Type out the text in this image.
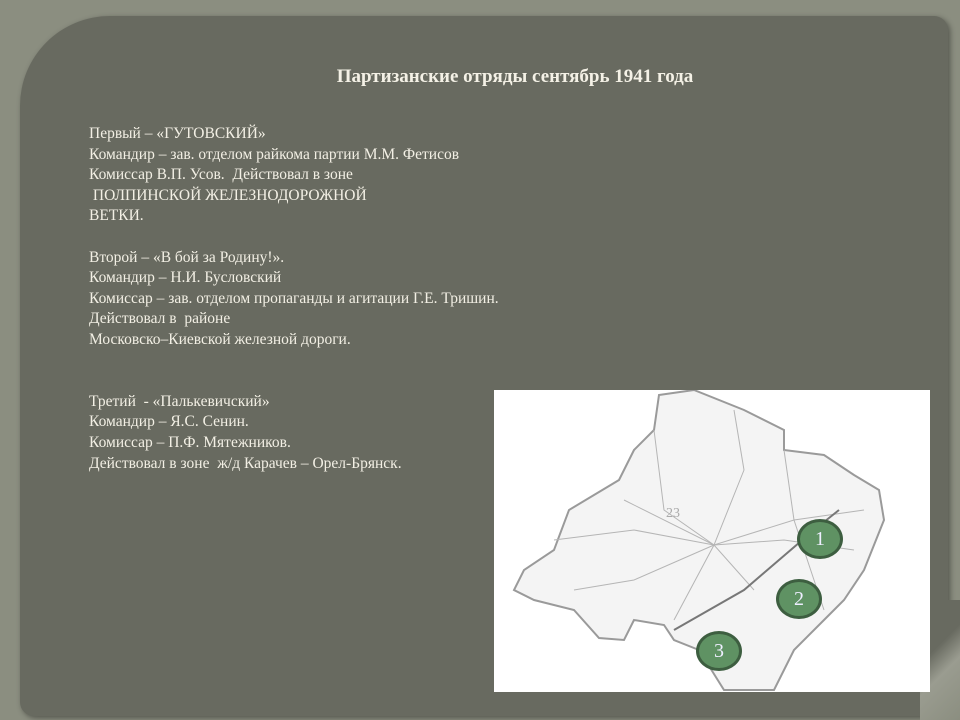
Партизанские отряды сентябрь 1941 года
Первый – «ГУТОВСКИЙ»
Командир – зав. отделом райкома партии М.М. Фетисов
Комиссар В.П. Усов.  Действовал в зоне
ПОЛПИНСКОЙ ЖЕЛЕЗНОДОРОЖНОЙ
ВЕТКИ.
Второй – «В бой за Родину!».
Командир – Н.И. Бусловский
Комиссар – зав. отделом пропаганды и агитации Г.Е. Тришин.
Действовал в  районе
Московско–Киевской железной дороги.
Третий  - «Палькевичский»
Командир – Я.С. Сенин.
Комиссар – П.Ф. Мятежников.
Действовал в зоне  ж/д Карачев – Орел-Брянск.
23
1
2
3
